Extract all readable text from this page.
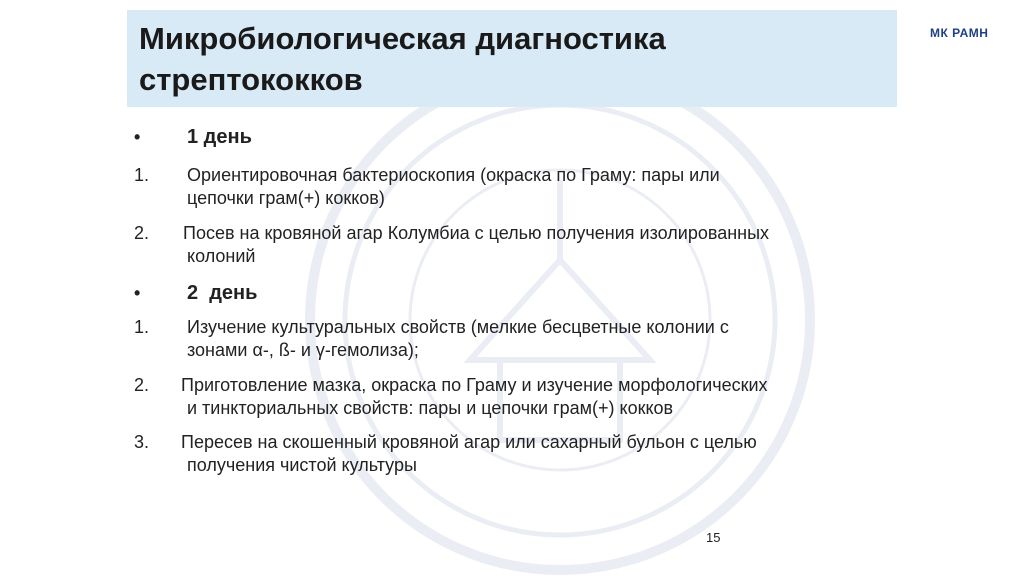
Микробиологическая диагностика
стрептококков
МК РАМН
• 1 день
1. Ориентировочная бактериоскопия (окраска по Граму: пары или
цепочки грам(+) кокков)
2. Посев на кровяной агар Колумбиа с целью получения изолированных
колоний
• 2  день
1. Изучение культуральных свойств (мелкие бесцветные колонии с
зонами α-, ß- и γ-гемолиза);
2. Приготовление мазка, окраска по Граму и изучение морфологических
и тинкториальных свойств: пары и цепочки грам(+) кокков
3. Пересев на скошенный кровяной агар или сахарный бульон с целью
получения чистой культуры
15
